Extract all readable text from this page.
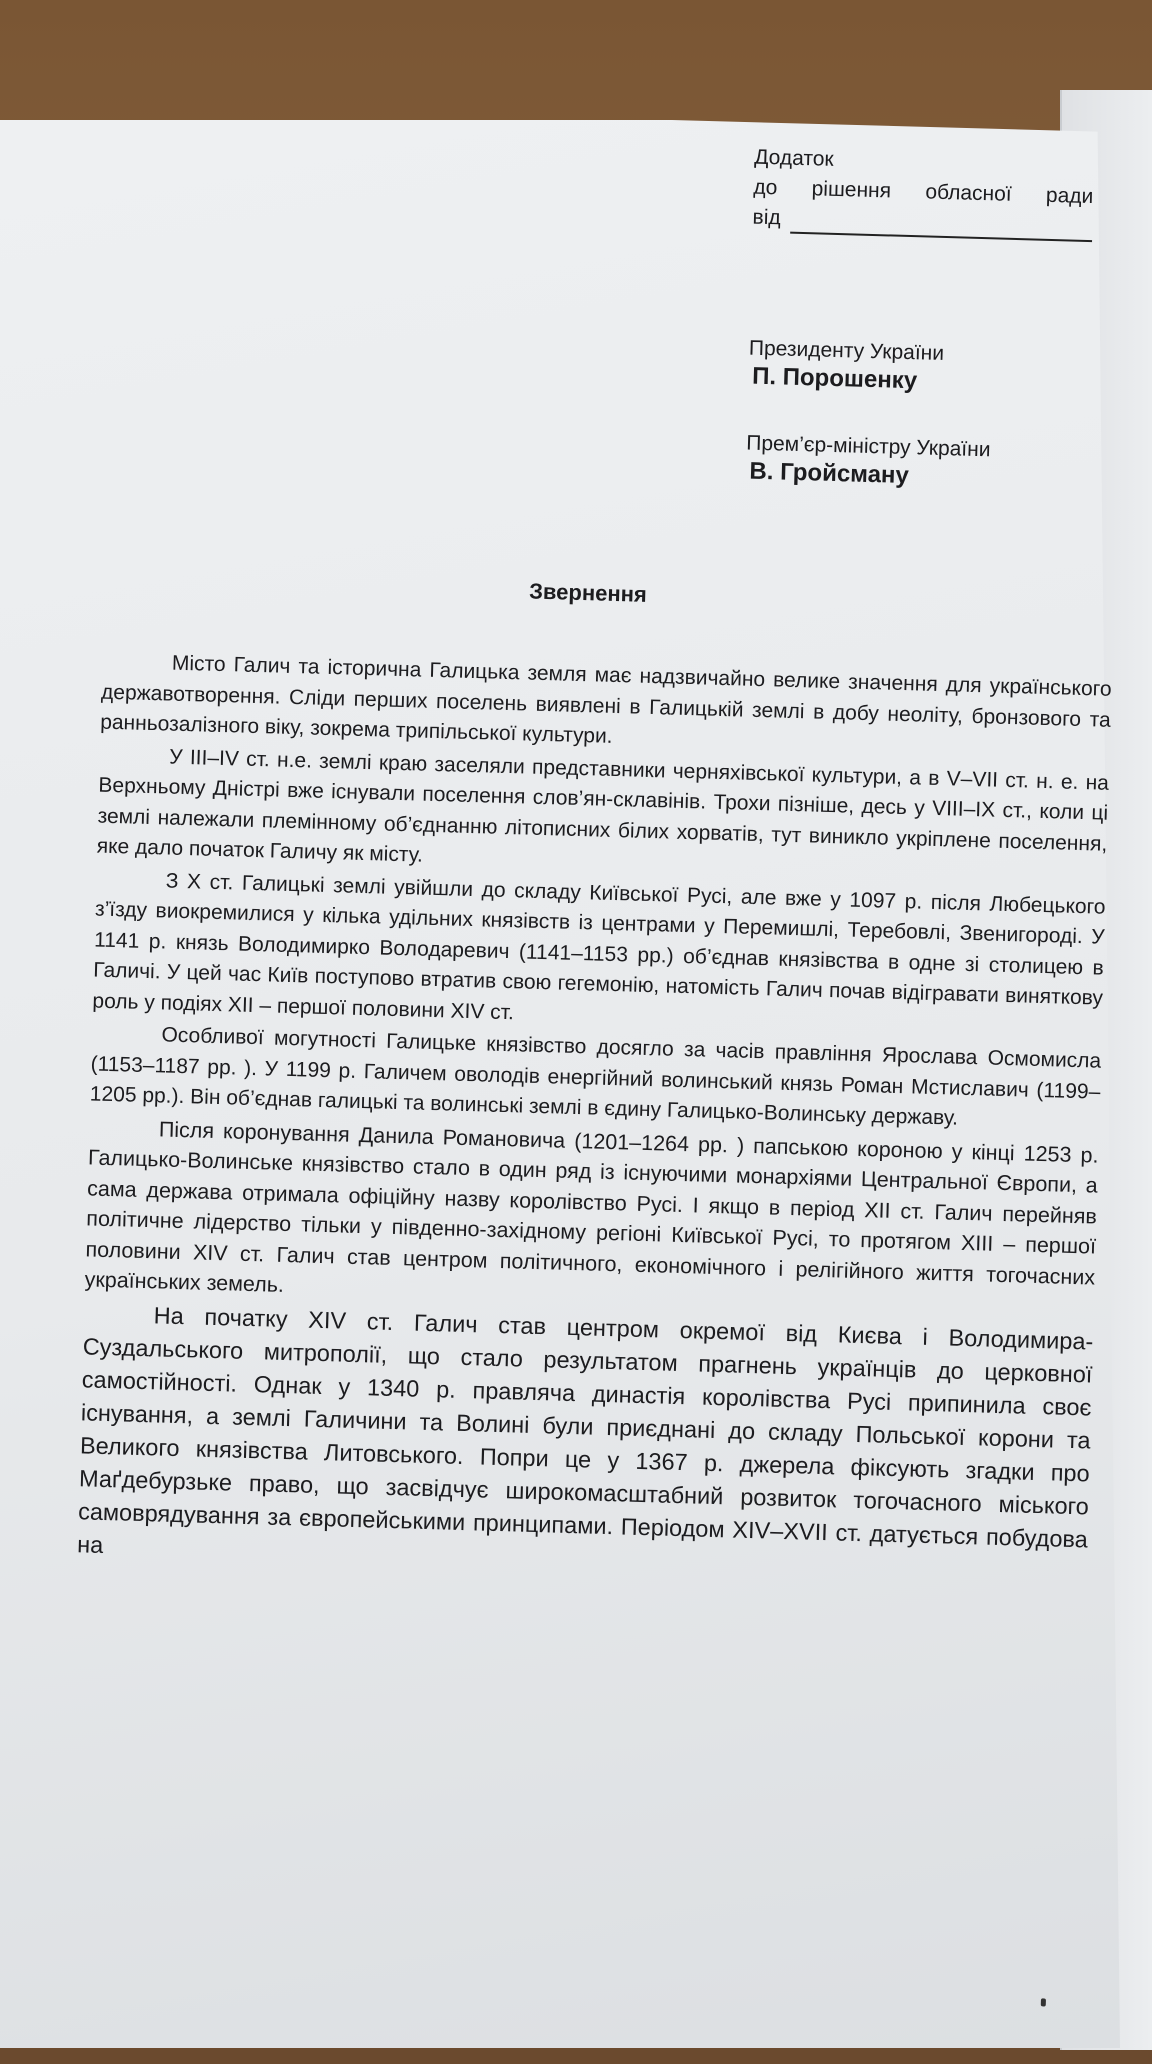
Додаток
до рішення обласної ради
від
Президенту України
П. Порошенку
Прем’єр-міністру України
В. Гройсману
Звернення

Місто Галич та історична Галицька земля має надзвичайно велике значення для українського державотворення. Сліди перших поселень виявлені в Галицькій землі в добу неоліту, бронзового та ранньозалізного віку, зокрема трипільської культури.

У III–IV ст. н.е. землі краю заселяли представники черняхівської культури, а в V–VII ст. н. е. на Верхньому Дністрі вже існували поселення слов’ян-склавінів. Трохи пізніше, десь у VIII–IX ст., коли ці землі належали племінному об’єднанню літописних білих хорватів, тут виникло укріплене поселення, яке дало початок Галичу як місту.

З X ст. Галицькі землі увійшли до складу Київської Русі, але вже у 1097 р. після Любецького з’їзду виокремилися у кілька удільних князівств із центрами у Перемишлі, Теребовлі, Звенигороді. У 1141 р. князь Володимирко Володаревич (1141–1153 рр.) об’єднав князівства в одне зі столицею в Галичі. У цей час Київ поступово втратив свою гегемонію, натомість Галич почав відігравати виняткову роль у подіях XII – першої половини XIV ст.

Особливої могутності Галицьке князівство досягло за часів правління Ярослава Осмомисла (1153–1187 рр. ). У 1199 р. Галичем оволодів енергійний волинський князь Роман Мстиславич (1199–1205 рр.). Він об’єднав галицькі та волинські землі в єдину Галицько-Волинську державу.

Після коронування Данила Романовича (1201–1264 рр. ) папською короною у кінці 1253 р. Галицько-Волинське князівство стало в один ряд із існуючими монархіями Центральної Європи, а сама держава отримала офіційну назву королівство Русі. І якщо в період XII ст. Галич перейняв політичне лідерство тільки у південно-західному регіоні Київської Русі, то протягом XIII – першої половини XIV ст. Галич став центром політичного, економічного і релігійного життя тогочасних українських земель.

На початку XIV ст. Галич став центром окремої від Києва і Володимира-Суздальського митрополії, що стало результатом прагнень українців до церковної самостійності. Однак у 1340 р. правляча династія королівства Русі припинила своє існування, а землі Галичини та Волині були приєднані до складу Польської корони та Великого князівства Литовського. Попри це у 1367 р. джерела фіксують згадки про Маґдебурзьке право, що засвідчує широкомасштабний розвиток тогочасного міського самоврядування за європейськими принципами. Періодом XIV–XVII ст. датується побудова на
